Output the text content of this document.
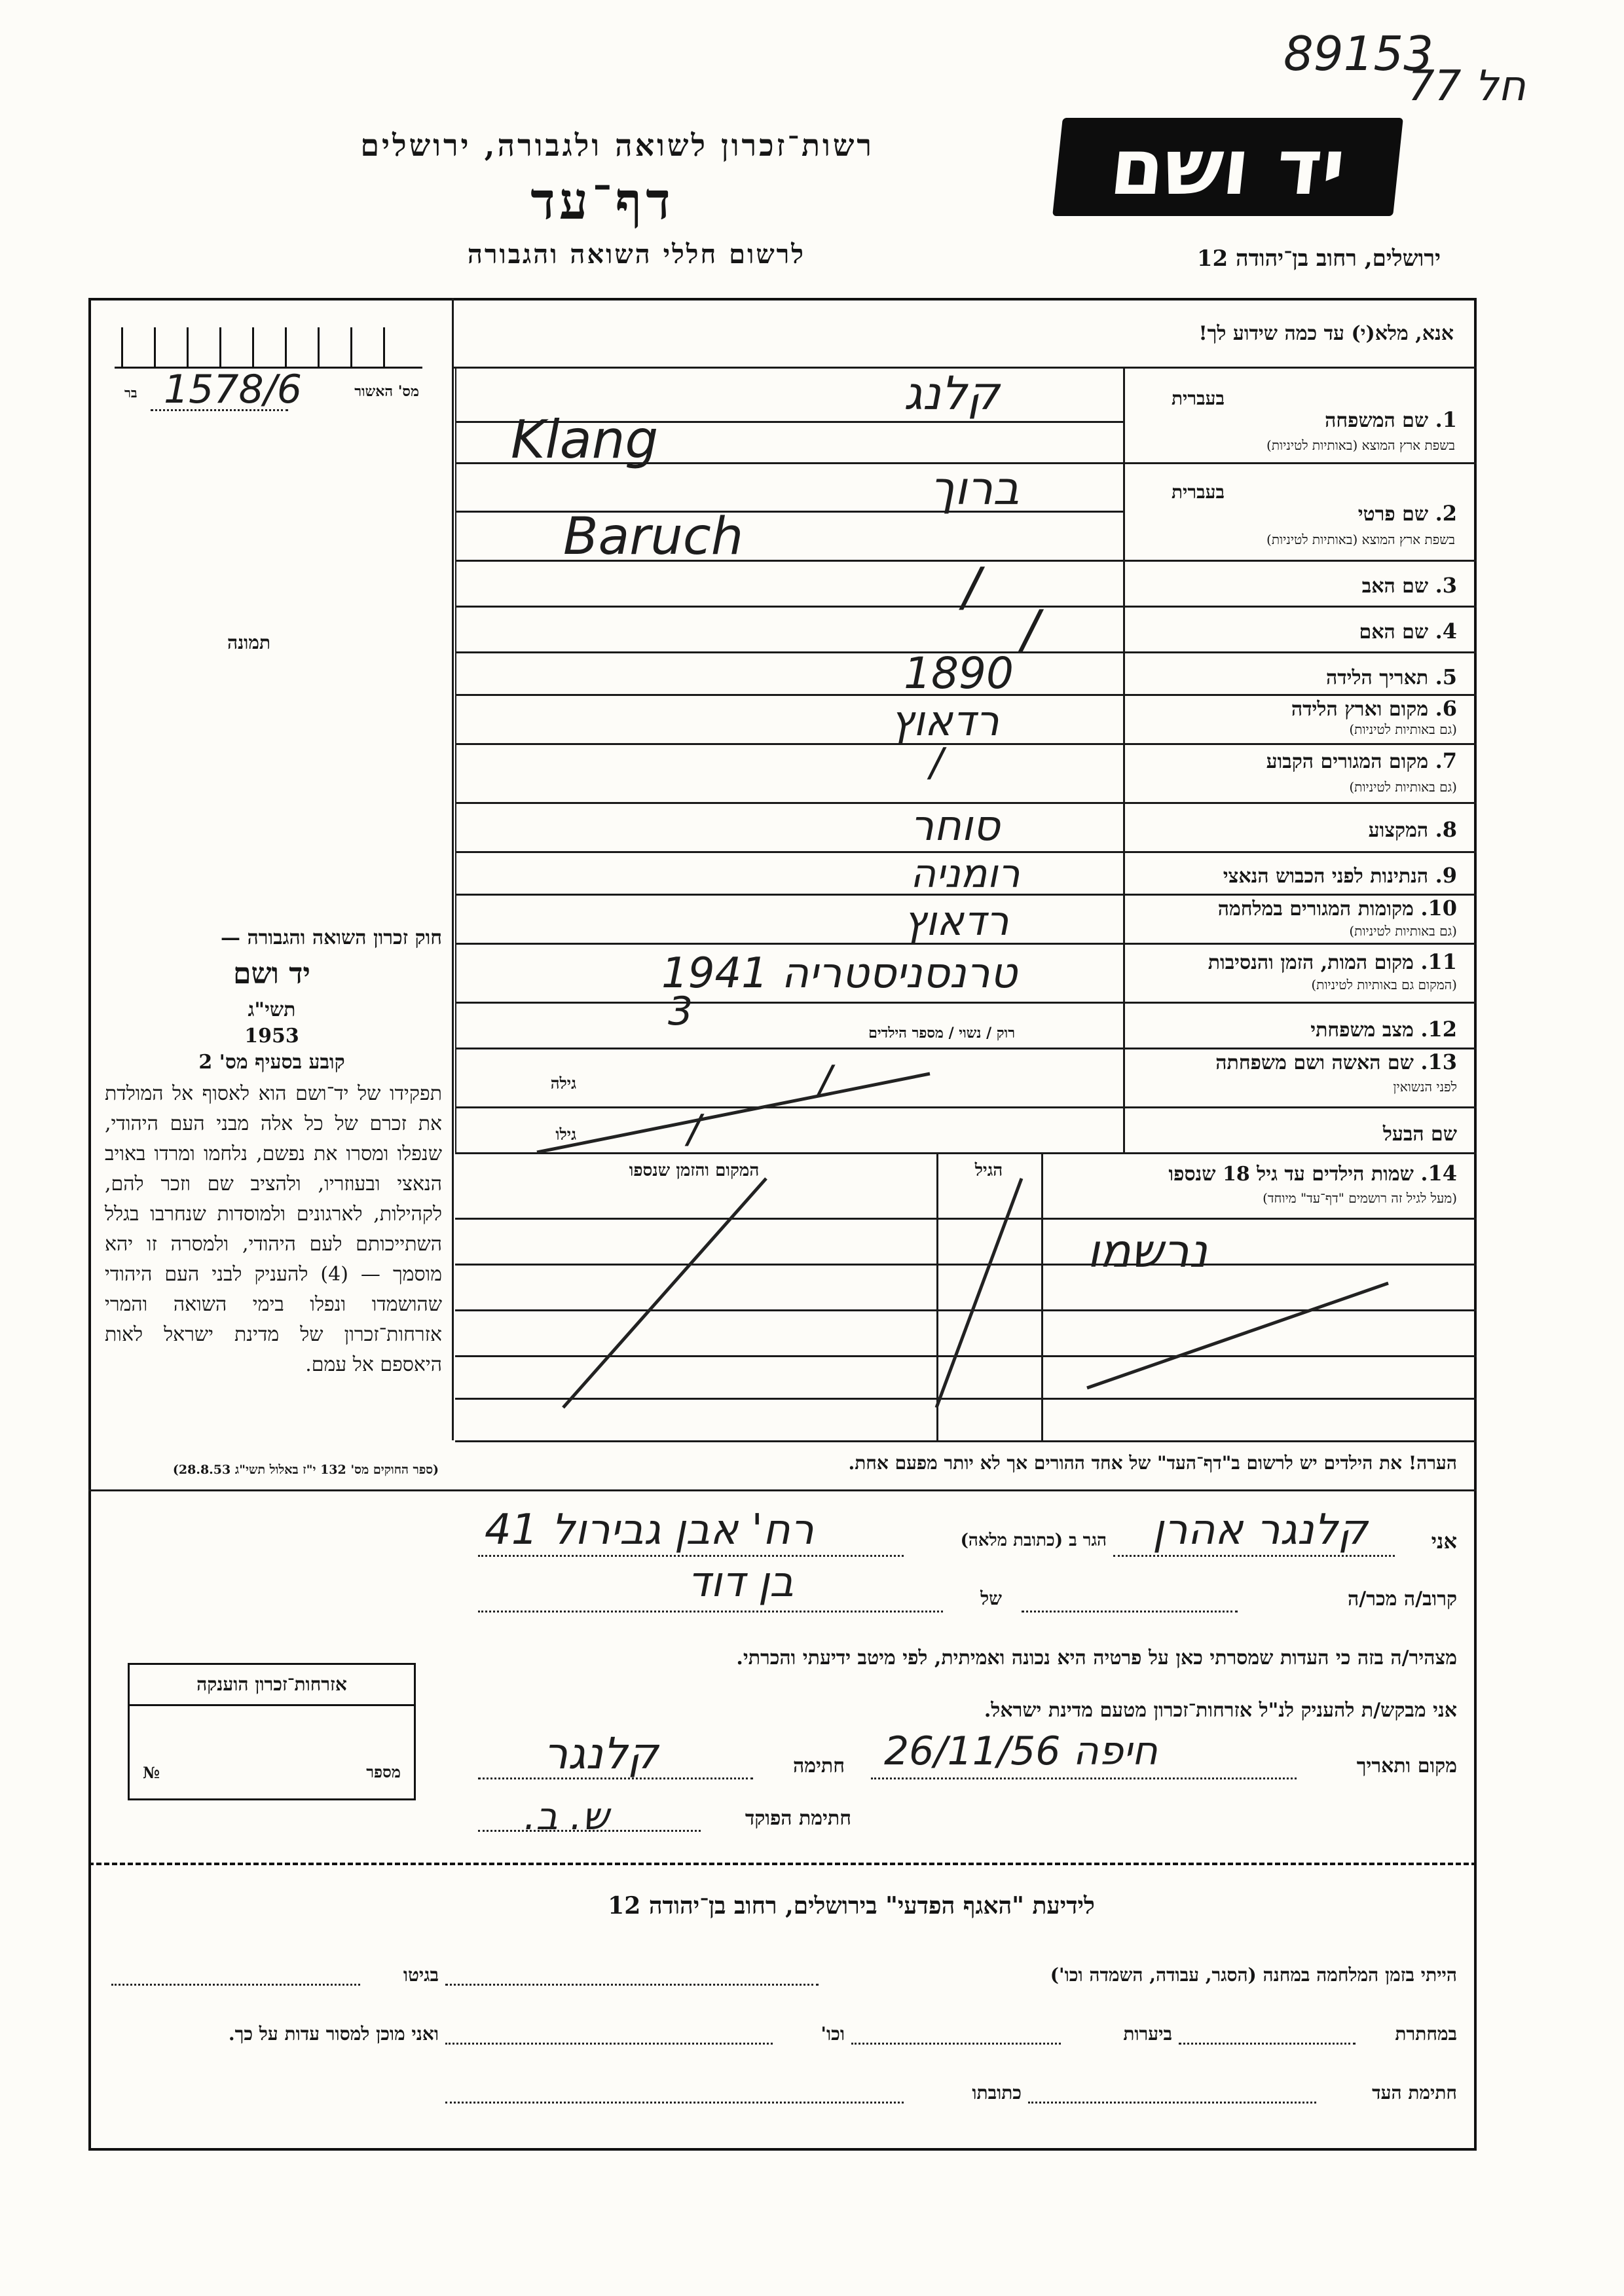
89153
חל 77
יד ושם
רשות־זכרון לשואה ולגבורה, ירושלים
דף־עד
לרשום חללי השואה והגבורה	ירושלים, רחוב בן־יהודה 12
מס' האשור
בר 1578/6
תמונה
אנא, מלא(י) עד כמה שידוע לך!
בעברית
1. שם המשפחה
בשפת ארץ המוצא (באותיות לטיניות)
קלנג
Klang
בעברית
2. שם פרטי
בשפת ארץ המוצא (באותיות לטיניות)
ברוך
Baruch
3. שם האב
/
4. שם האם
/
5. תאריך הלידה
1890
6. מקום וארץ הלידה
(גם באותיות לטיניות)
רדאוץ
7. מקום המגורים הקבוע
(גם באותיות לטיניות)
/
8. המקצוע
סוחר
9. הנתינות לפני הכבוש הנאצי
רומניה
10. מקומות המגורים במלחמה
(גם באותיות לטיניות)
רדאוץ
11. מקום המות, הזמן והנסיבות
(המקום גם באותיות לטיניות)
טרנסניסטריה 1941
12. מצב משפחתי
רוק / נשוי / מספר הילדים
3
13. שם האשה ושם משפחתה
לפני הנשואין
גילה	/
שם הבעל
גילו	/
14. שמות הילדים עד גיל 18 שנספו
(מעל לגיל זה רושמים "דף־עד" מיוחד)
הגיל
המקום והזמן שנספו
נרשמו
הערה! את הילדים יש לרשום ב"דף־העד" של אחד ההורים אך לא יותר מפעם אחת.
חוק זכרון השואה והגבורה —
יד ושם
תשי"ג
1953
קובע בסעיף מס' 2
תפקידו של יד־ושם הוא לאסוף אל המולדת את זכרם של כל אלה מבני העם היהודי, שנפלו ומסרו את נפשם, נלחמו ומרדו באויב הנאצי ובעוזריו, ולהציב שם וזכר להם, לקהילות, לארגונים ולמוסדות שנחרבו בגלל השתייכותם לעם היהודי, ולמסרה זו יהא מוסמך — (4) להעניק לבני העם היהודי שהושמדו ונפלו בימי השואה והמרי אזרחות־זכרון של מדינת ישראל לאות היאספם אל עמם.
(ספר החוקים מס' 132 י"ז באלול תשי"ג 28.8.53)
אני
קלנגר אהרן
הגר ב (כתובת מלאה)
רח' אבן גבירול 41
קרוב/ה מכר/ה
של
בן דוד
מצהיר/ה בזה כי העדות שמסרתי כאן על פרטיה היא נכונה ואמיתית, לפי מיטב ידיעתי והכרתי.
אני מבקש/ת להעניק לנ"ל אזרחות־זכרון מטעם מדינת ישראל.
מקום ותאריך
חיפה 26/11/56
חתימה
קלנגר
חתימת הפוקד
ש. ב.
אזרחות־זכרון הוענקה
מספר
№
לידיעת "האגף הפדעי" בירושלים, רחוב בן־יהודה 12
הייתי בזמן המלחמה במחנה (הסגר, עבודה, השמדה וכו')
בגיטו
במחתרת
ביערות
וכו'
ואני מוכן למסור עדות על כך.
חתימת העד
כתובתו
